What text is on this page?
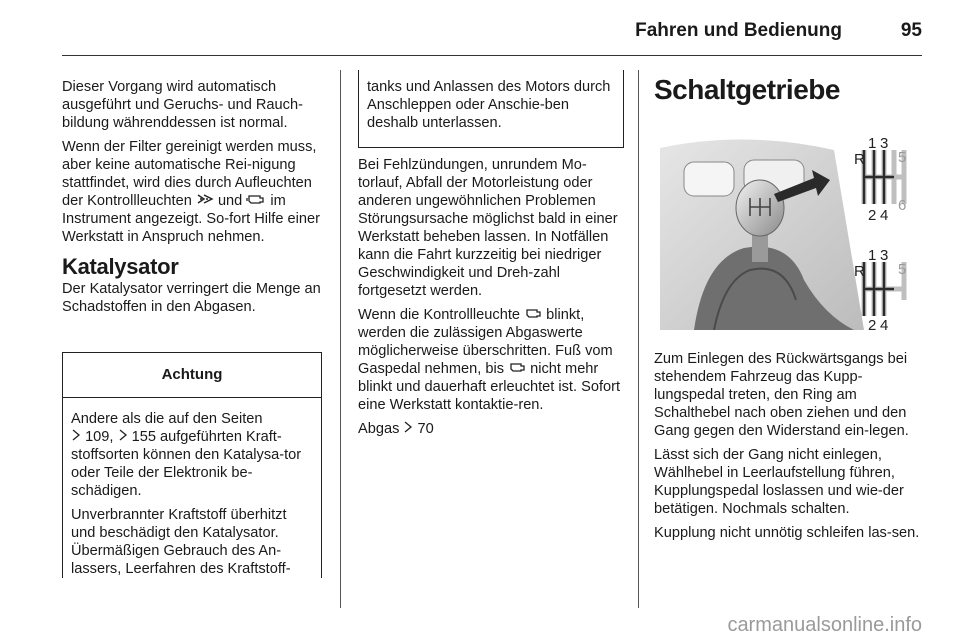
Fahren und Bedienung	95

Dieser Vorgang wird automatisch ausgeführt und Geruchs- und Rauch-bildung währenddessen ist normal.

Wenn der Filter gereinigt werden muss, aber keine automatische Rei-nigung stattfindet, wird dies durch Aufleuchten der Kontrollleuchten und im Instrument angezeigt. So-fort Hilfe einer Werkstatt in Anspruch nehmen.

Katalysator

Der Katalysator verringert die Menge an Schadstoffen in den Abgasen.

Achtung

Andere als die auf den Seiten
109,  155 aufgeführten Kraft-stoffsorten können den Katalysa-tor oder Teile der Elektronik be-schädigen.

Unverbrannter Kraftstoff überhitzt und beschädigt den Katalysator. Übermäßigen Gebrauch des An-lassers, Leerfahren des Kraftstoff-

tanks und Anlassen des Motors durch Anschleppen oder Anschie-ben deshalb unterlassen.

Bei Fehlzündungen, unrundem Mo-torlauf, Abfall der Motorleistung oder anderen ungewöhnlichen Problemen Störungsursache möglichst bald in einer Werkstatt beheben lassen. In Notfällen kann die Fahrt kurzzeitig bei niedriger Geschwindigkeit und Dreh-zahl fortgesetzt werden.

Wenn die Kontrollleuchte blinkt, werden die zulässigen Abgaswerte möglicherweise überschritten. Fuß vom Gaspedal nehmen, bis nicht mehr blinkt und dauerhaft erleuchtet ist. Sofort eine Werkstatt kontaktie-ren.

Abgas 70

Schaltgetriebe
R
1 3
5
2 4
6
R
1 3
5
2 4

Zum Einlegen des Rückwärtsgangs bei stehendem Fahrzeug das Kupp-lungspedal treten, den Ring am Schalthebel nach oben ziehen und den Gang gegen den Widerstand ein-legen.

Lässt sich der Gang nicht einlegen, Wählhebel in Leerlaufstellung führen, Kupplungspedal loslassen und wie-der betätigen. Nochmals schalten.

Kupplung nicht unnötig schleifen las-sen.

carmanualsonline.info
